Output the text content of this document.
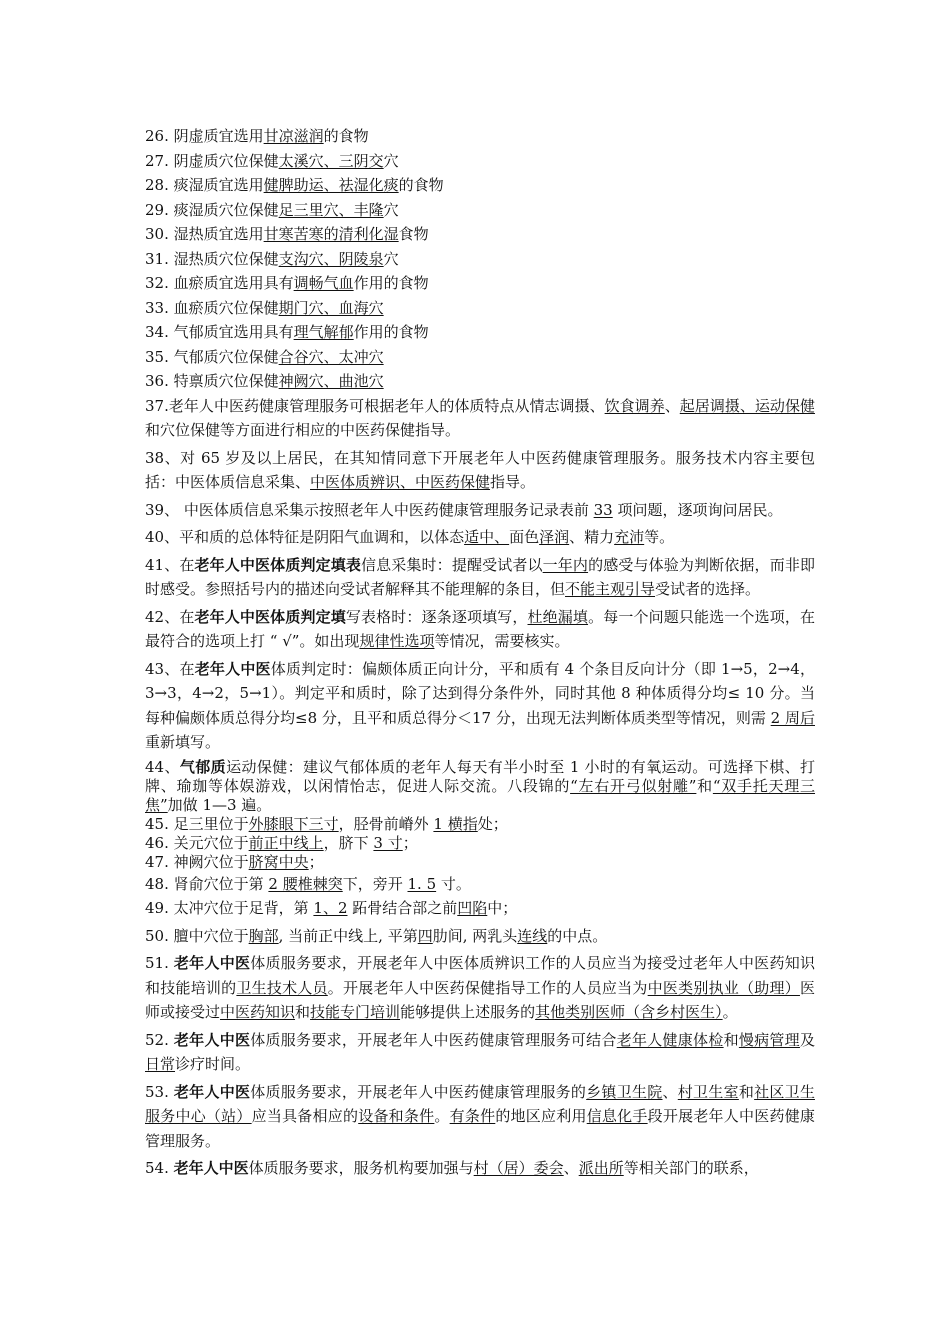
26. 阴虚质宜选用甘凉滋润的食物

27. 阴虚质穴位保健太溪穴、三阴交穴

28. 痰湿质宜选用健脾助运、祛湿化痰的食物

29. 痰湿质穴位保健足三里穴、丰隆穴

30. 湿热质宜选用甘寒苦寒的清利化湿食物

31. 湿热质穴位保健支沟穴、阴陵泉穴

32. 血瘀质宜选用具有调畅气血作用的食物

33. 血瘀质穴位保健期门穴、血海穴

34. 气郁质宜选用具有理气解郁作用的食物

35. 气郁质穴位保健合谷穴、太冲穴

36. 特禀质穴位保健神阙穴、曲池穴

37.老年人中医药健康管理服务可根据老年人的体质特点从情志调摄、饮食调养、起居调摄、运动保健和穴位保健等方面进行相应的中医药保健指导。

38、对 65 岁及以上居民，在其知情同意下开展老年人中医药健康管理服务。服务技术内容主要包括：中医体质信息采集、中医体质辨识、中医药保健指导。

39、 中医体质信息采集示按照老年人中医药健康管理服务记录表前 33 项问题，逐项询问居民。

40、平和质的总体特征是阴阳气血调和，以体态适中、面色泽润、精力充沛等。

41、在老年人中医体质判定填表信息采集时：提醒受试者以一年内的感受与体验为判断依据，而非即时感受。参照括号内的描述向受试者解释其不能理解的条目，但不能主观引导受试者的选择。

42、在老年人中医体质判定填写表格时：逐条逐项填写，杜绝漏填。每一个问题只能选一个选项，在最符合的选项上打 “ √”。如出现规律性选项等情况，需要核实。

43、在老年人中医体质判定时：偏颇体质正向计分，平和质有 4 个条目反向计分（即 1→5，2→4，3→3，4→2，5→1）。判定平和质时，除了达到得分条件外，同时其他 8 种体质得分均≤ 10 分。当每种偏颇体质总得分均≤8 分，且平和质总得分＜17 分，出现无法判断体质类型等情况，则需 2 周后重新填写。

44、气郁质运动保健：建议气郁体质的老年人每天有半小时至 1 小时的有氧运动。可选择下棋、打牌、瑜珈等体娱游戏，以闲情怡志，促进人际交流。八段锦的“左右开弓似射雕”和“双手托天理三焦”加做 1—3 遍。

45. 足三里位于外膝眼下三寸，胫骨前嵴外 1 横指处；

46. 关元穴位于前正中线上，脐下 3 寸；

47. 神阙穴位于脐窝中央；

48. 肾俞穴位于第 2 腰椎棘突下，旁开 1. 5 寸。

49. 太冲穴位于足背，第 1、2 跖骨结合部之前凹陷中；

50. 膻中穴位于胸部, 当前正中线上, 平第四肋间, 两乳头连线的中点。

51. 老年人中医体质服务要求，开展老年人中医体质辨识工作的人员应当为接受过老年人中医药知识和技能培训的卫生技术人员。开展老年人中医药保健指导工作的人员应当为中医类别执业（助理）医师或接受过中医药知识和技能专门培训能够提供上述服务的其他类别医师（含乡村医生）。

52. 老年人中医体质服务要求，开展老年人中医药健康管理服务可结合老年人健康体检和慢病管理及日常诊疗时间。

53. 老年人中医体质服务要求，开展老年人中医药健康管理服务的乡镇卫生院、村卫生室和社区卫生服务中心（站）应当具备相应的设备和条件。有条件的地区应利用信息化手段开展老年人中医药健康管理服务。

54. 老年人中医体质服务要求，服务机构要加强与村（居）委会、派出所等相关部门的联系，
